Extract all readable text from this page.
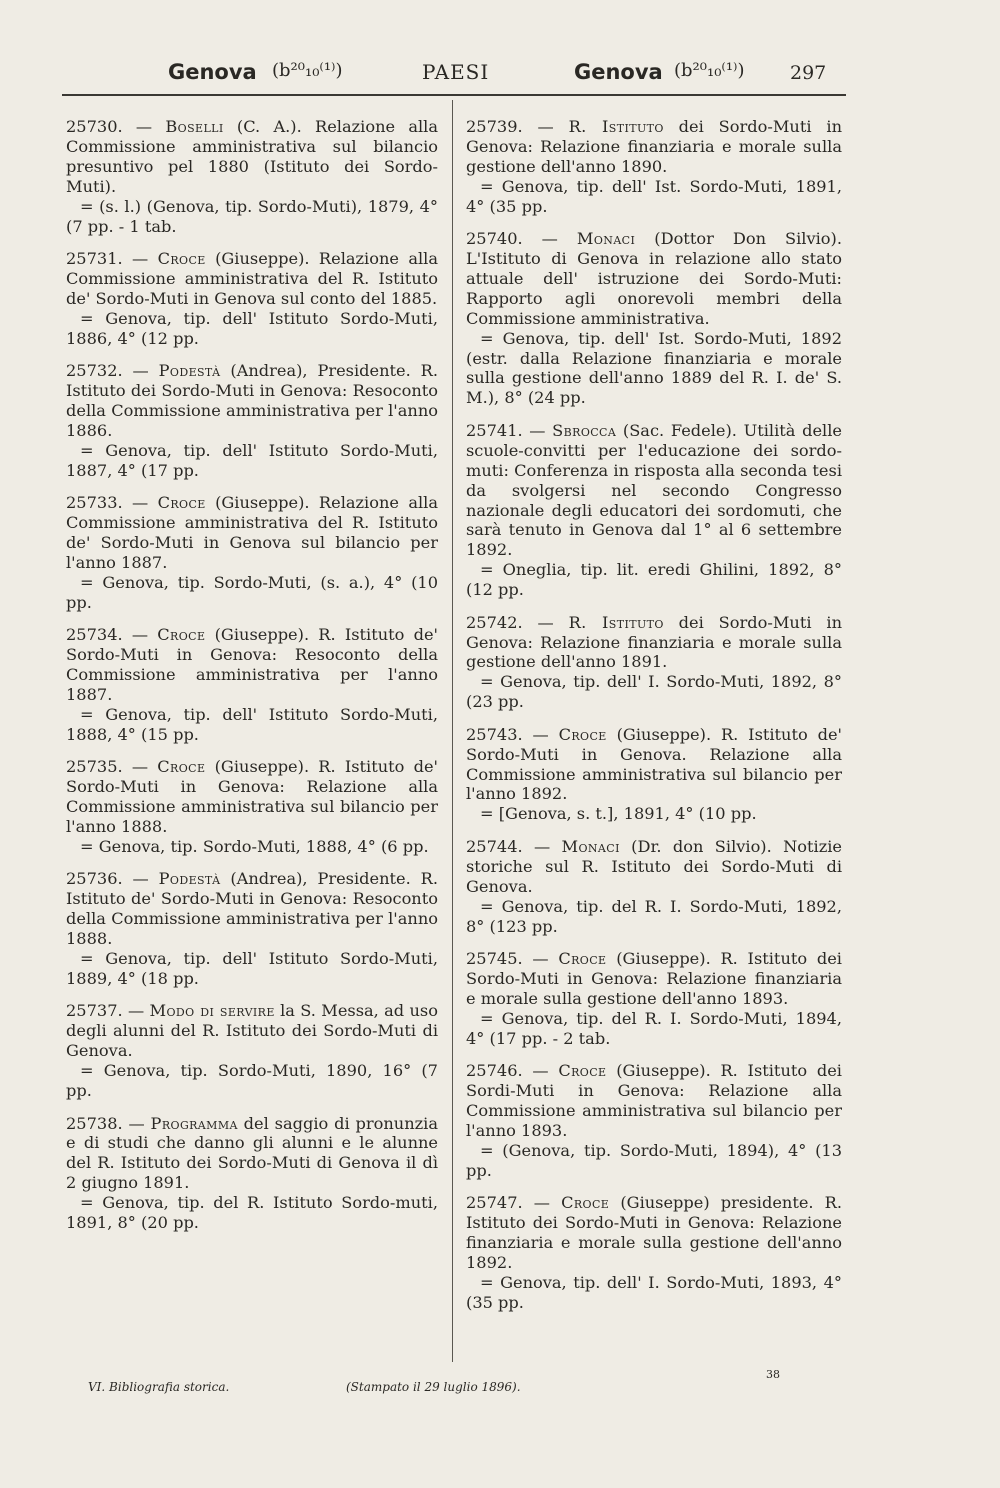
Genova (b²⁰₁₀⁽¹⁾)	PAESI	Genova (b²⁰₁₀⁽¹⁾) 297

25730. — Boselli (C. A.). Relazione alla Commissione amministrativa sul bilancio presuntivo pel 1880 (Istituto dei Sordo-Muti).

= (s. l.) (Genova, tip. Sordo-Muti), 1879, 4° (7 pp. - 1 tab.

25731. — Croce (Giuseppe). Relazione alla Commissione amministrativa del R. Istituto de' Sordo-Muti in Genova sul conto del 1885.

= Genova, tip. dell' Istituto Sordo-Muti, 1886, 4° (12 pp.

25732. — Podestà (Andrea), Presidente. R. Istituto dei Sordo-Muti in Genova: Resoconto della Commissione amministrativa per l'anno 1886.

= Genova, tip. dell' Istituto Sordo-Muti, 1887, 4° (17 pp.

25733. — Croce (Giuseppe). Relazione alla Commissione amministrativa del R. Istituto de' Sordo-Muti in Genova sul bilancio per l'anno 1887.

= Genova, tip. Sordo-Muti, (s. a.), 4° (10 pp.

25734. — Croce (Giuseppe). R. Istituto de' Sordo-Muti in Genova: Resoconto della Commissione amministrativa per l'anno 1887.

= Genova, tip. dell' Istituto Sordo-Muti, 1888, 4° (15 pp.

25735. — Croce (Giuseppe). R. Istituto de' Sordo-Muti in Genova: Relazione alla Commissione amministrativa sul bilancio per l'anno 1888.

= Genova, tip. Sordo-Muti, 1888, 4° (6 pp.

25736. — Podestà (Andrea), Presidente. R. Istituto de' Sordo-Muti in Genova: Resoconto della Commissione amministrativa per l'anno 1888.

= Genova, tip. dell' Istituto Sordo-Muti, 1889, 4° (18 pp.

25737. — Modo di servire la S. Messa, ad uso degli alunni del R. Istituto dei Sordo-Muti di Genova.

= Genova, tip. Sordo-Muti, 1890, 16° (7 pp.

25738. — Programma del saggio di pronunzia e di studi che danno gli alunni e le alunne del R. Istituto dei Sordo-Muti di Genova il dì 2 giugno 1891.

= Genova, tip. del R. Istituto Sordo-muti, 1891, 8° (20 pp.

25739. — R. Istituto dei Sordo-Muti in Genova: Relazione finanziaria e morale sulla gestione dell'anno 1890.

= Genova, tip. dell' Ist. Sordo-Muti, 1891, 4° (35 pp.

25740. — Monaci (Dottor Don Silvio). L'Istituto di Genova in relazione allo stato attuale dell' istruzione dei Sordo-Muti: Rapporto agli onorevoli membri della Commissione amministrativa.

= Genova, tip. dell' Ist. Sordo-Muti, 1892 (estr. dalla Relazione finanziaria e morale sulla gestione dell'anno 1889 del R. I. de' S. M.), 8° (24 pp.

25741. — Sbrocca (Sac. Fedele). Utilità delle scuole-convitti per l'educazione dei sordo-muti: Conferenza in risposta alla seconda tesi da svolgersi nel secondo Congresso nazionale degli educatori dei sordomuti, che sarà tenuto in Genova dal 1° al 6 settembre 1892.

= Oneglia, tip. lit. eredi Ghilini, 1892, 8° (12 pp.

25742. — R. Istituto dei Sordo-Muti in Genova: Relazione finanziaria e morale sulla gestione dell'anno 1891.

= Genova, tip. dell' I. Sordo-Muti, 1892, 8° (23 pp.

25743. — Croce (Giuseppe). R. Istituto de' Sordo-Muti in Genova. Relazione alla Commissione amministrativa sul bilancio per l'anno 1892.

= [Genova, s. t.], 1891, 4° (10 pp.

25744. — Monaci (Dr. don Silvio). Notizie storiche sul R. Istituto dei Sordo-Muti di Genova.

= Genova, tip. del R. I. Sordo-Muti, 1892, 8° (123 pp.

25745. — Croce (Giuseppe). R. Istituto dei Sordo-Muti in Genova: Relazione finanziaria e morale sulla gestione dell'anno 1893.

= Genova, tip. del R. I. Sordo-Muti, 1894, 4° (17 pp. - 2 tab.

25746. — Croce (Giuseppe). R. Istituto dei Sordi-Muti in Genova: Relazione alla Commissione amministrativa sul bilancio per l'anno 1893.

= (Genova, tip. Sordo-Muti, 1894), 4° (13 pp.

25747. — Croce (Giuseppe) presidente. R. Istituto dei Sordo-Muti in Genova: Relazione finanziaria e morale sulla gestione dell'anno 1892.

= Genova, tip. dell' I. Sordo-Muti, 1893, 4° (35 pp.

VI. Bibliografia storica.	(Stampato il 29 luglio 1896).
38
